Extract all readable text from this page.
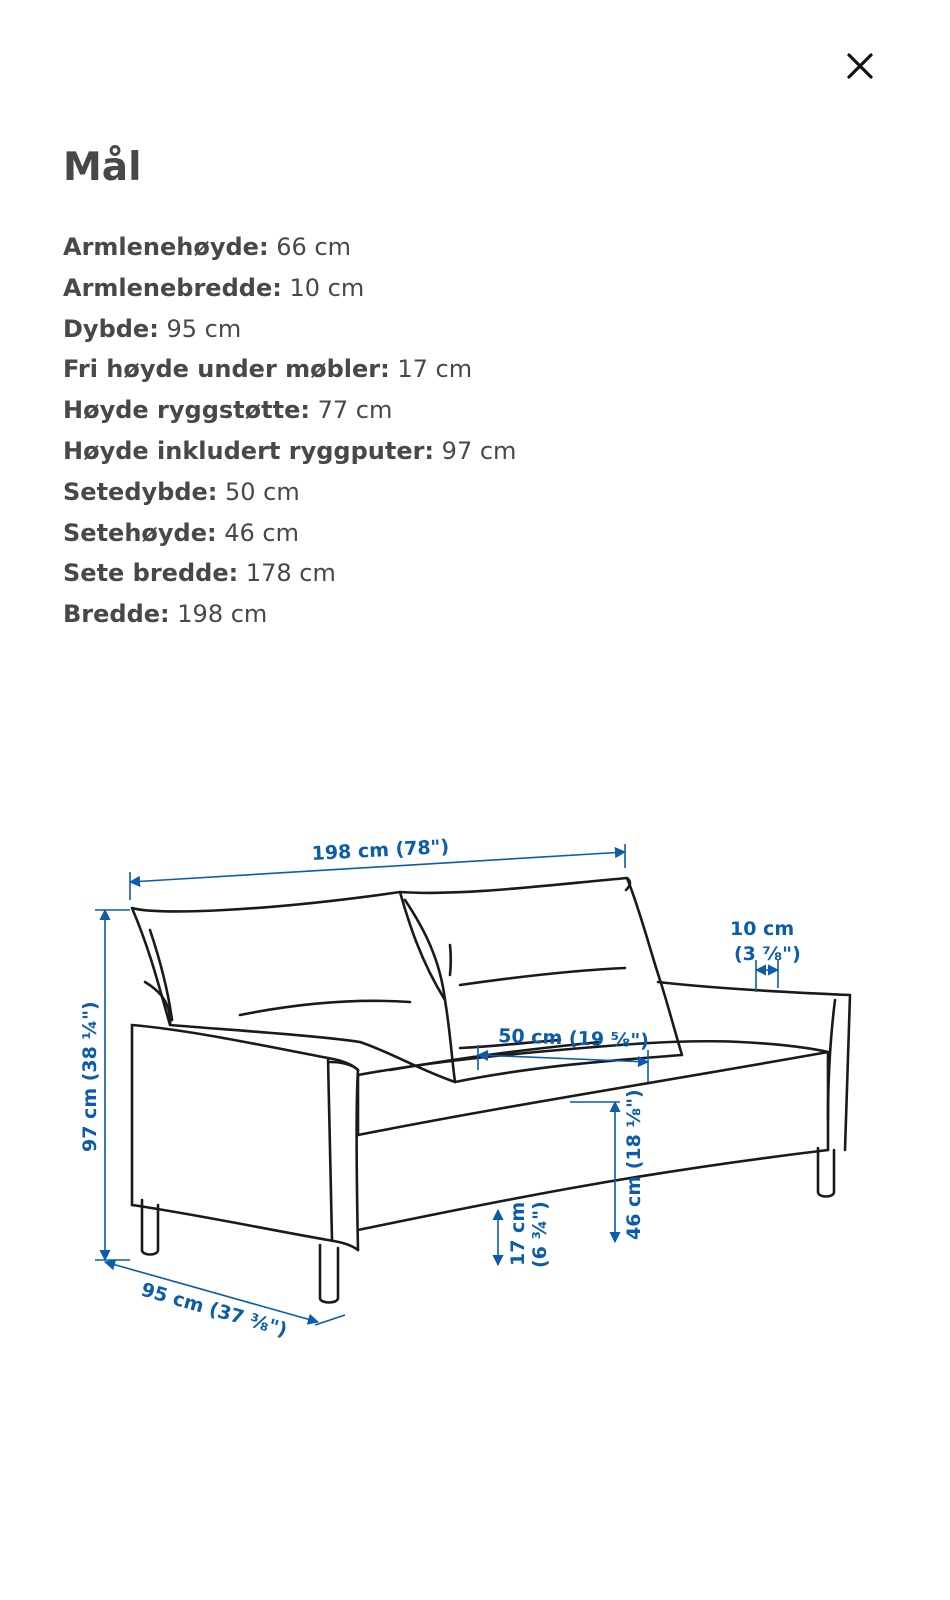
Mål
Armlenehøyde: 66 cm
Armlenebredde: 10 cm
Dybde: 95 cm
Fri høyde under møbler: 17 cm
Høyde ryggstøtte: 77 cm
Høyde inkludert ryggputer: 97 cm
Setedybde: 50 cm
Setehøyde: 46 cm
Sete bredde: 178 cm
Bredde: 198 cm
198 cm (78")
10 cm
(3 ⅞")
50 cm (19 ⅝")
97 cm (38 ¼")
46 cm (18 ⅛")
17 cm (6 ¾")
95 cm (37 ⅜")
